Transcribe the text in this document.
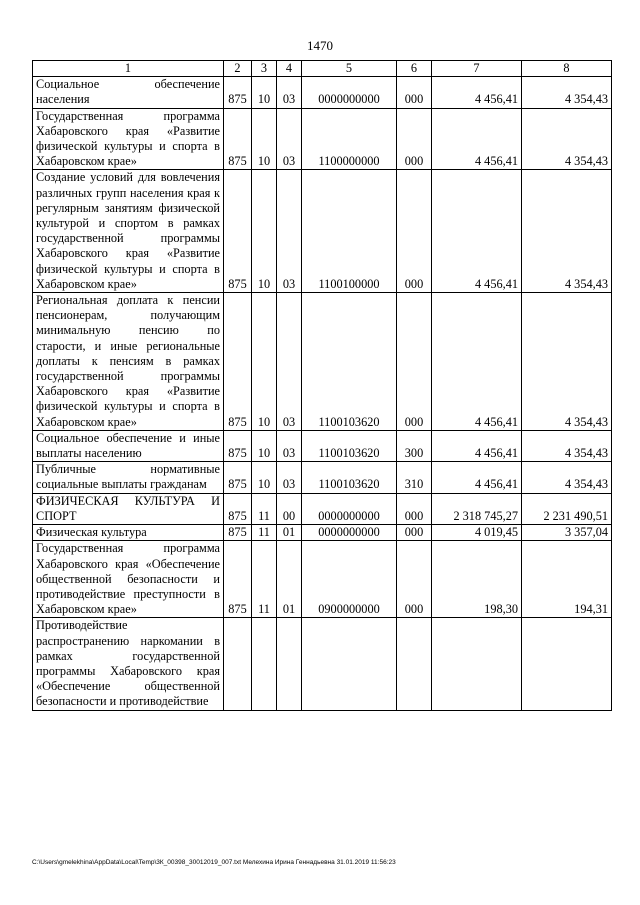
1470
1	2	3	4	5	6	7	8
Социальное обеспечение населения	875	10	03	0000000000	000	4 456,41	4 354,43
Государственная программа Хабаровского края «Развитие физической культуры и спорта в Хабаровском крае»	875	10	03	1100000000	000	4 456,41	4 354,43
Создание условий для вовлечения различных групп населения края к регулярным занятиям физической культурой и спортом в рамках государственной программы Хабаровского края «Развитие физической культуры и спорта в Хабаровском крае»	875	10	03	1100100000	000	4 456,41	4 354,43
Региональная доплата к пенсии пенсионерам, получающим минимальную пенсию по старости, и иные региональные доплаты к пенсиям в рамках государственной программы Хабаровского края «Развитие физической культуры и спорта в Хабаровском крае»	875	10	03	1100103620	000	4 456,41	4 354,43
Социальное обеспечение и иные выплаты населению	875	10	03	1100103620	300	4 456,41	4 354,43
Публичные нормативные социальные выплаты гражданам	875	10	03	1100103620	310	4 456,41	4 354,43
ФИЗИЧЕСКАЯ КУЛЬТУРА И СПОРТ	875	11	00	0000000000	000	2 318 745,27	2 231 490,51
Физическая культура	875	11	01	0000000000	000	4 019,45	3 357,04
Государственная программа Хабаровского края «Обеспечение общественной безопасности и противодействие преступности в Хабаровском крае»	875	11	01	0900000000	000	198,30	194,31
Противодействие распространению наркомании в рамках государственной программы Хабаровского края «Обеспечение общественной безопасности и противодействие							
C:\Users\gmelekhina\AppData\Local\Temp\3К_00398_30012019_007.txt Мелехина Ирина Геннадьевна 31.01.2019 11:56:23
